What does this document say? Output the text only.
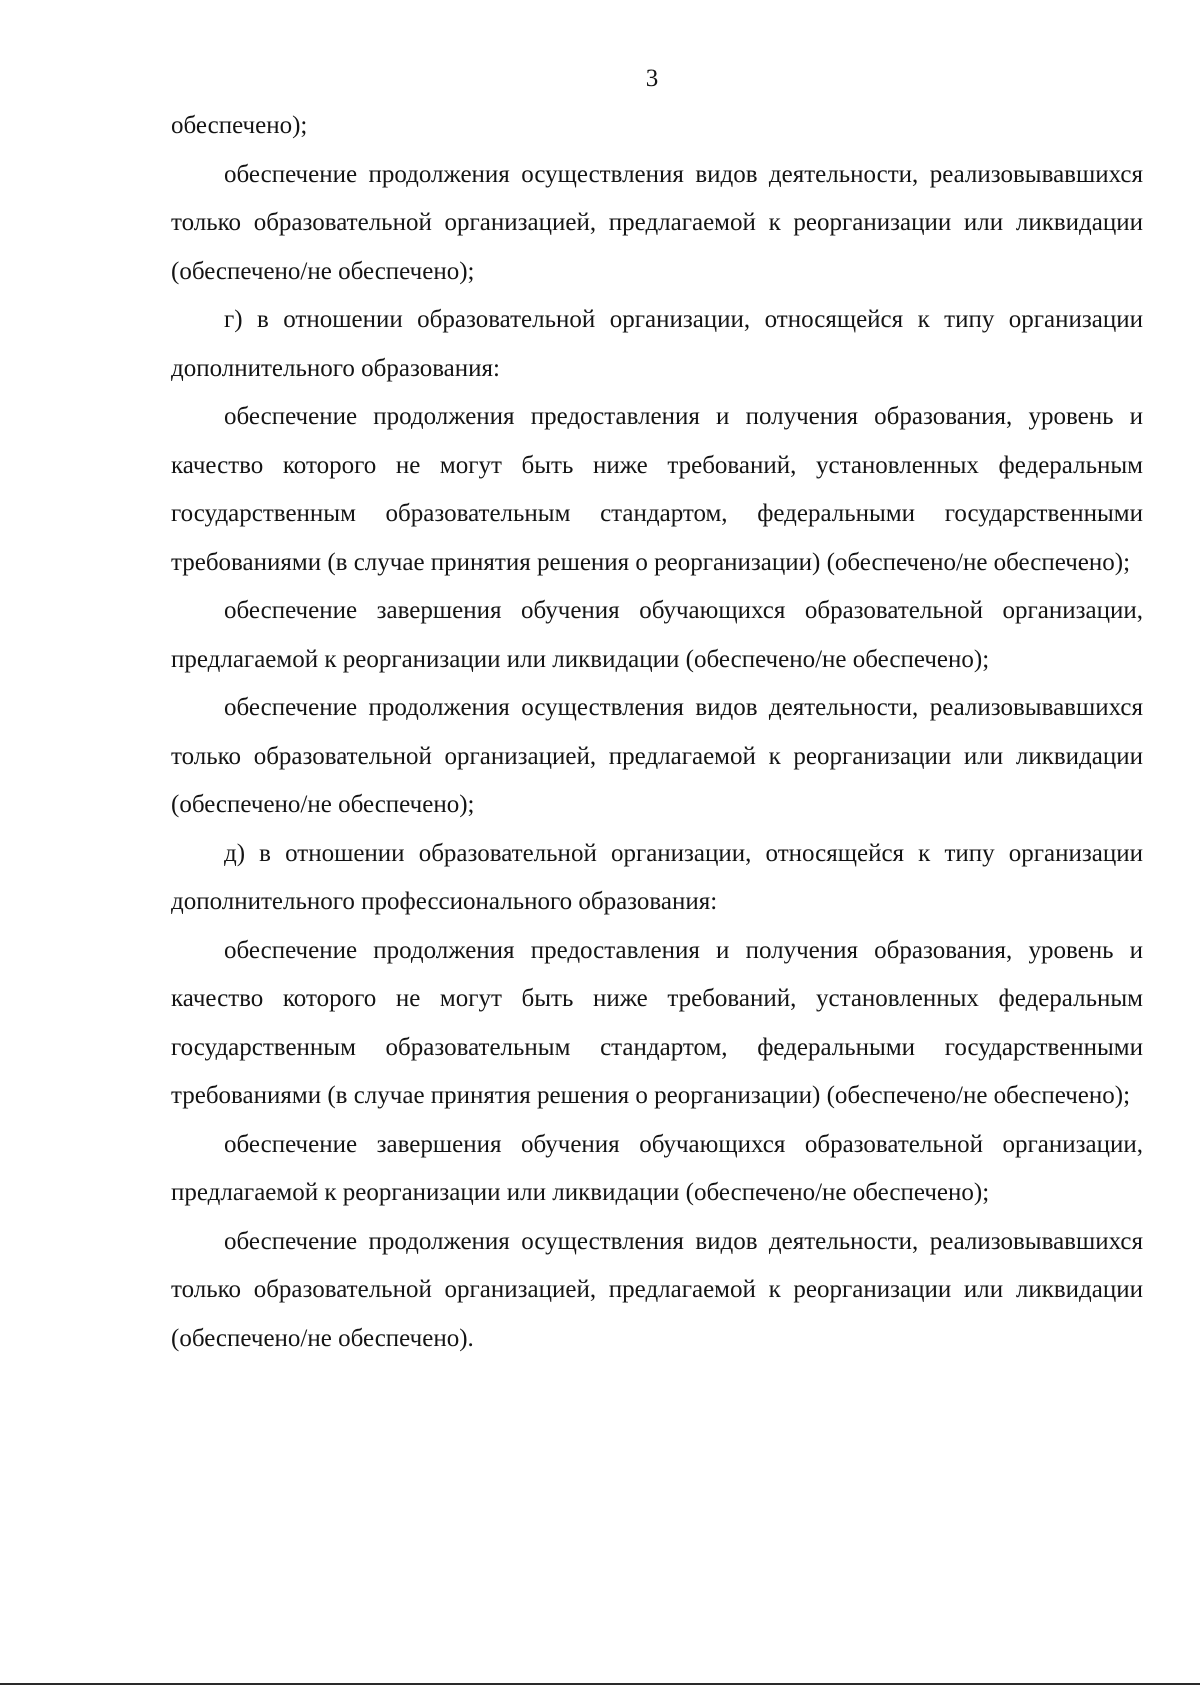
3

обеспечено);

обеспечение продолжения осуществления видов деятельности, реализовывавшихся только образовательной организацией, предлагаемой к реорганизации или ликвидации (обеспечено/не обеспечено);

г) в отношении образовательной организации, относящейся к типу организации дополнительного образования:

обеспечение продолжения предоставления и получения образования, уровень и качество которого не могут быть ниже требований, установленных федеральным государственным образовательным стандартом, федеральными государственными требованиями (в случае принятия решения о реорганизации) (обеспечено/не обеспечено);

обеспечение завершения обучения обучающихся образовательной организации, предлагаемой к реорганизации или ликвидации (обеспечено/не обеспечено);

обеспечение продолжения осуществления видов деятельности, реализовывавшихся только образовательной организацией, предлагаемой к реорганизации или ликвидации (обеспечено/не обеспечено);

д) в отношении образовательной организации, относящейся к типу организации дополнительного профессионального образования:

обеспечение продолжения предоставления и получения образования, уровень и качество которого не могут быть ниже требований, установленных федеральным государственным образовательным стандартом, федеральными государственными требованиями (в случае принятия решения о реорганизации) (обеспечено/не обеспечено);

обеспечение завершения обучения обучающихся образовательной организации, предлагаемой к реорганизации или ликвидации (обеспечено/не обеспечено);

обеспечение продолжения осуществления видов деятельности, реализовывавшихся только образовательной организацией, предлагаемой к реорганизации или ликвидации (обеспечено/не обеспечено).
